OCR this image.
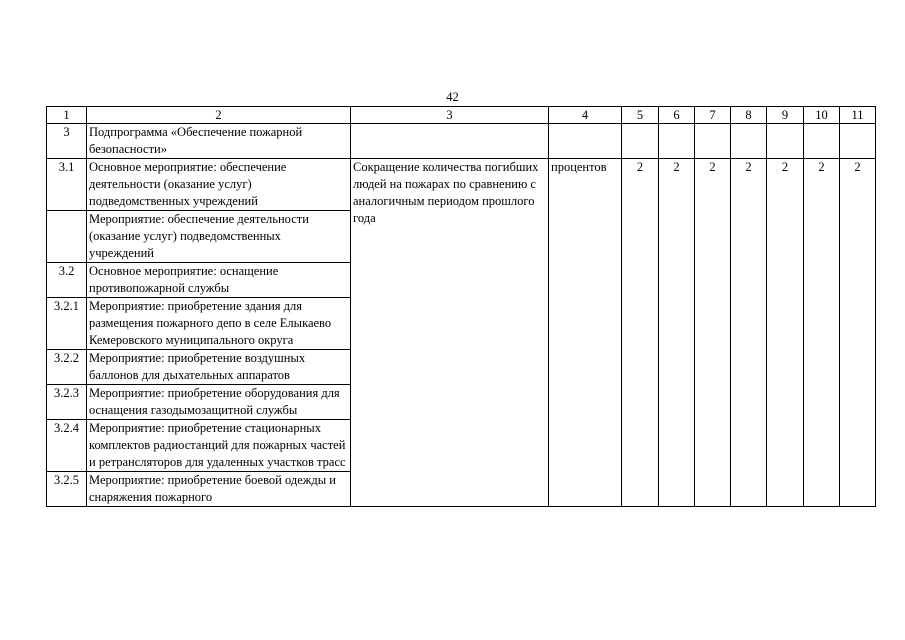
42
1	2	3	4	5	6	7	8	9	10	11
3	Подпрограмма «Обеспечение пожарной безопасности»									
3.1	Основное мероприятие: обеспечение деятельности (оказание услуг) подведомственных учреждений	Сокращение количества погибших людей на пожарах по сравнению с аналогичным периодом прошлого года	процентов	2	2	2	2	2	2	2
	Мероприятие: обеспечение деятельности (оказание услуг) подведомственных учреждений									
3.2	Основное мероприятие: оснащение противопожарной службы									
3.2.1	Мероприятие: приобретение здания для размещения пожарного депо в селе Елыкаево Кемеровского муниципального округа									
3.2.2	Мероприятие: приобретение воздушных баллонов для дыхательных аппаратов									
3.2.3	Мероприятие: приобретение оборудования для оснащения газодымозащитной службы									
3.2.4	Мероприятие: приобретение стационарных комплектов радиостанций для пожарных частей и ретрансляторов для удаленных участков трасс									
3.2.5	Мероприятие: приобретение боевой одежды и снаряжения пожарного									
